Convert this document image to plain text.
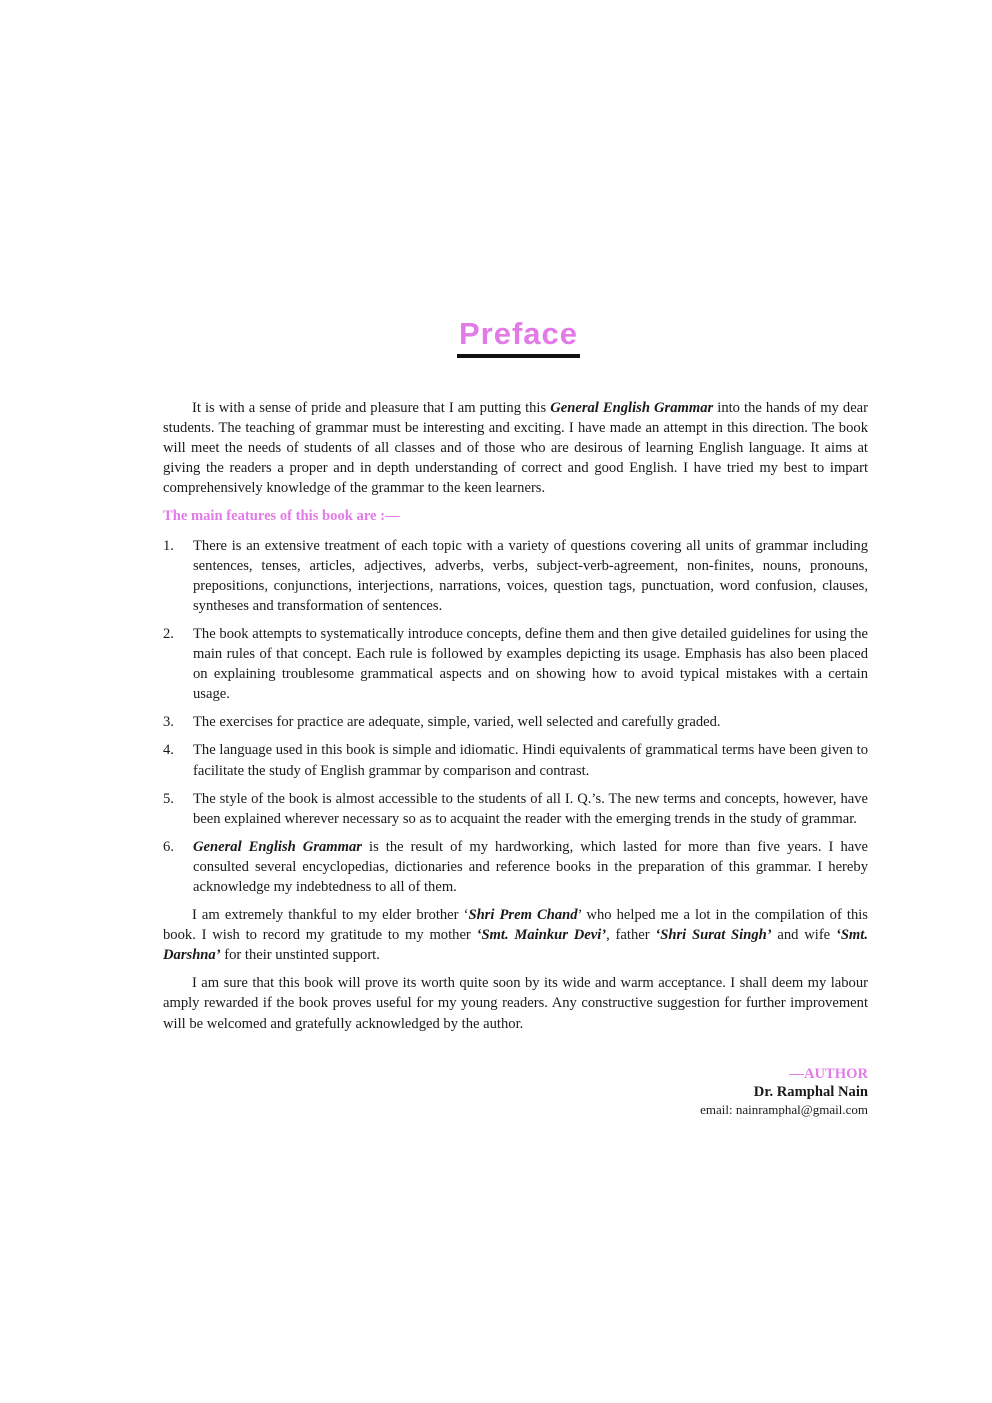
Preface

It is with a sense of pride and pleasure that I am putting this General English Grammar into the hands of my dear students. The teaching of grammar must be interesting and exciting. I have made an attempt in this direction. The book will meet the needs of students of all classes and of those who are desirous of learning English language. It aims at giving the readers a proper and in depth understanding of correct and good English. I have tried my best to impart comprehensively knowledge of the grammar to the keen learners.

The main features of this book are :—
1. There is an extensive treatment of each topic with a variety of questions covering all units of grammar including sentences, tenses, articles, adjectives, adverbs, verbs, subject-verb-agreement, non-finites, nouns, pronouns, prepositions, conjunctions, interjections, narrations, voices, question tags, punctuation, word confusion, clauses, syntheses and transformation of sentences.
2. The book attempts to systematically introduce concepts, define them and then give detailed guidelines for using the main rules of that concept. Each rule is followed by examples depicting its usage. Emphasis has also been placed on explaining troublesome grammatical aspects and on showing how to avoid typical mistakes with a certain usage.
3. The exercises for practice are adequate, simple, varied, well selected and carefully graded.
4. The language used in this book is simple and idiomatic. Hindi equivalents of grammatical terms have been given to facilitate the study of English grammar by comparison and contrast.
5. The style of the book is almost accessible to the students of all I. Q.’s. The new terms and concepts, however, have been explained wherever necessary so as to acquaint the reader with the emerging trends in the study of grammar.
6. General English Grammar is the result of my hardworking, which lasted for more than five years. I have consulted several encyclopedias, dictionaries and reference books in the preparation of this grammar. I hereby acknowledge my indebtedness to all of them.

I am extremely thankful to my elder brother ‘Shri Prem Chand’ who helped me a lot in the compilation of this book. I wish to record my gratitude to my mother ‘Smt. Mainkur Devi’, father ‘Shri Surat Singh’ and wife ‘Smt. Darshna’ for their unstinted support.

I am sure that this book will prove its worth quite soon by its wide and warm acceptance. I shall deem my labour amply rewarded if the book proves useful for my young readers. Any constructive suggestion for further improvement will be welcomed and gratefully acknowledged by the author.

—AUTHOR
Dr. Ramphal Nain
email: nainramphal@gmail.com
